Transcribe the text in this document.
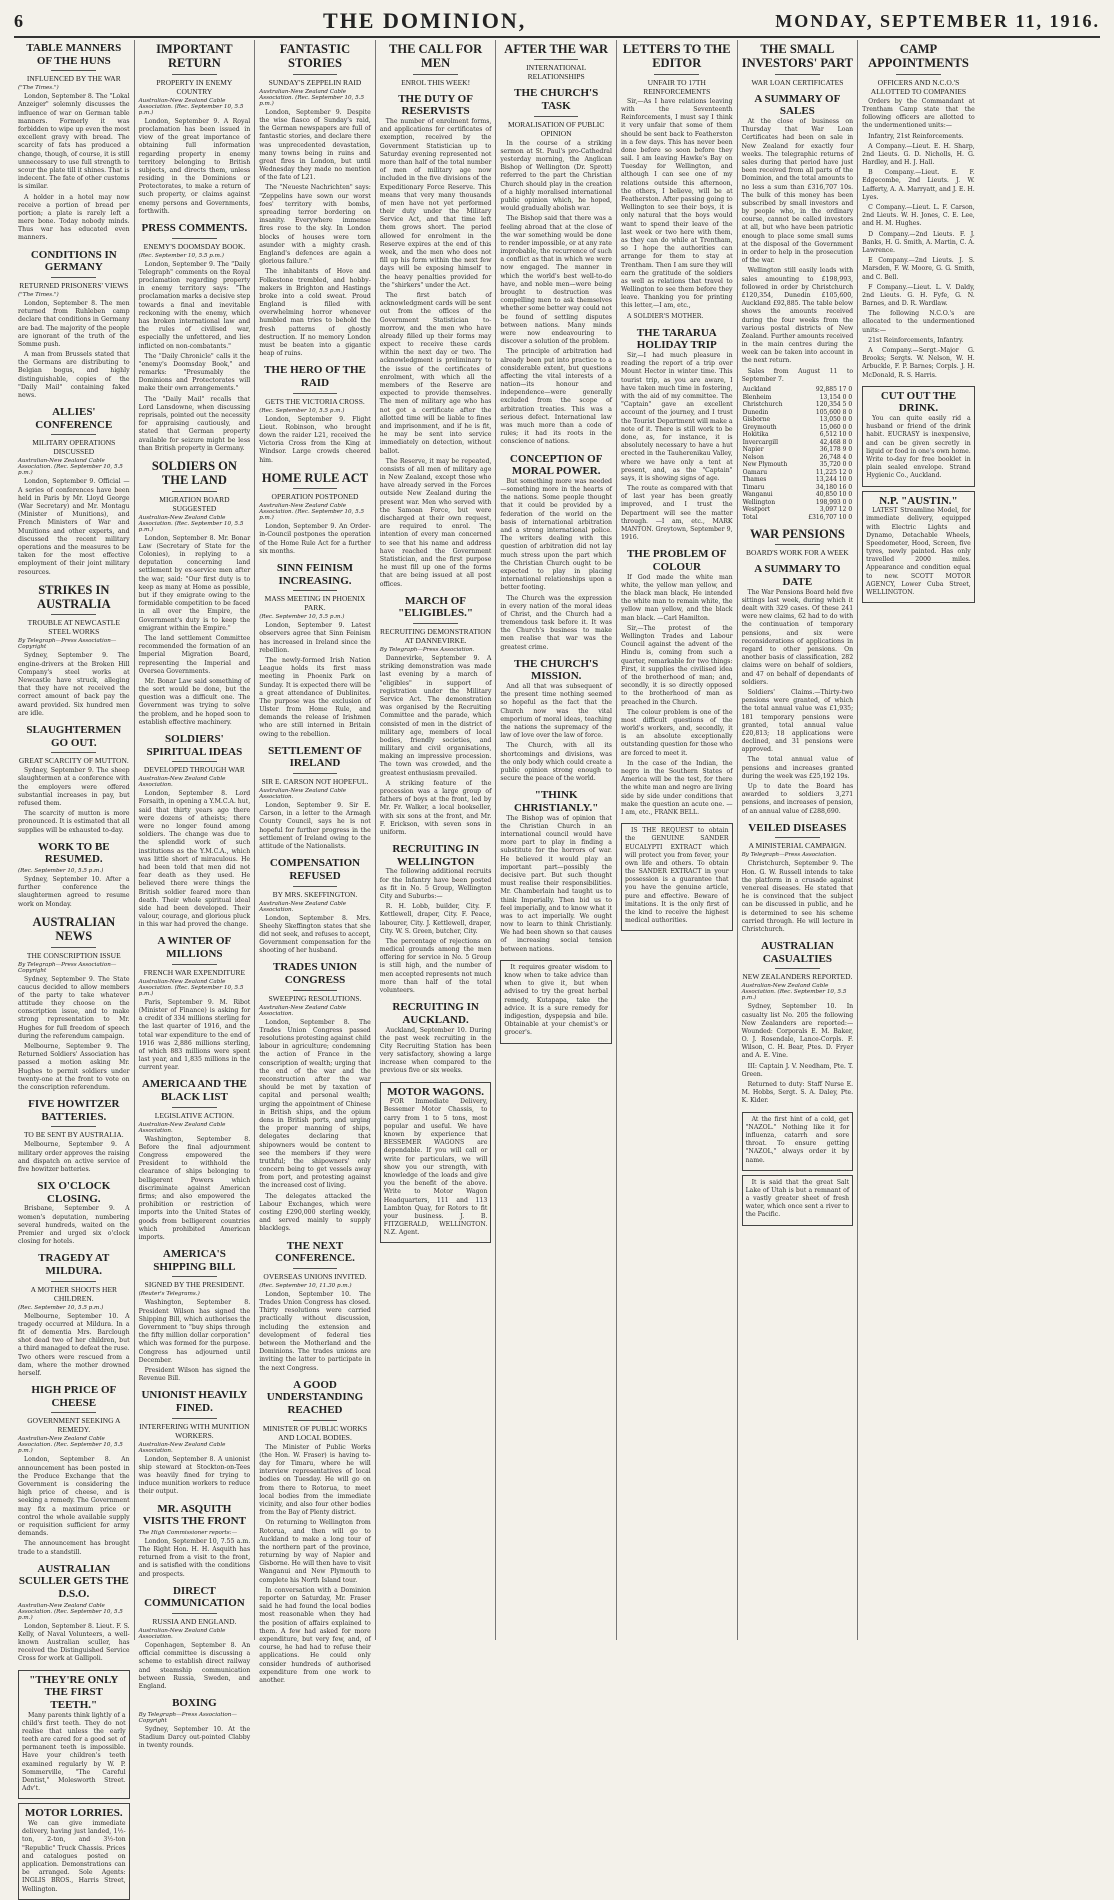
6	THE DOMINION,	MONDAY, SEPTEMBER 11, 1916.
TABLE MANNERS OF THE HUNS
INFLUENCED BY THE WAR
("The Times.")

London, September 8. The "Lokal Anzeiger" solemnly discusses the influence of war on German table manners. Formerly it was forbidden to wipe up even the most excellent gravy with bread. The scarcity of fats has produced a change, though, of course, it is still unnecessary to use full strength to scour the plate till it shines. That is indecent. The fate of other customs is similar.

A holder in a hotel may now receive a portion of bread per portion; a plate is rarely left a mere bone. Today nobody minds. Thus war has educated even manners.

CONDITIONS IN GERMANY
RETURNED PRISONERS' VIEWS
("The Times.")

London, September 8. The men returned from Ruhleben camp declare that conditions in Germany are bad. The majority of the people are ignorant of the truth of the Somme push.

A man from Brussels stated that the Germans are distributing to Belgian bogus, and highly distinguishable, copies of the "Daily Mail" containing faked news.

ALLIES' CONFERENCE
MILITARY OPERATIONS DISCUSSED
Australian-New Zealand Cable Association. (Rec. September 10, 5.5 p.m.)

London, September 9. Official — A series of conferences have been held in Paris by Mr. Lloyd George (War Secretary) and Mr. Montagu (Minister of Munitions), and French Ministers of War and Munitions and other experts, and discussed the recent military operations and the measures to be taken for the most effective employment of their joint military resources.

STRIKES IN AUSTRALIA
TROUBLE AT NEWCASTLE STEEL WORKS
By Telegraph—Press Association—Copyright

Sydney, September 9. The engine-drivers at the Broken Hill Company's steel works at Newcastle have struck, alleging that they have not received the correct amount of back pay the award provided. Six hundred men are idle.

SLAUGHTERMEN GO OUT.
GREAT SCARCITY OF MUTTON.

Sydney, September 9. The sheep slaughtermen at a conference with the employers were offered substantial increases in pay, but refused them.

The scarcity of mutton is more pronounced. It is estimated that all supplies will be exhausted to-day.

WORK TO BE RESUMED.
(Rec. September 10, 5.5 p.m.)

Sydney, September 10. After a further conference the slaughtermen agreed to resume work on Monday.

AUSTRALIAN NEWS
THE CONSCRIPTION ISSUE
By Telegraph—Press Association—Copyright

Sydney, September 9. The State caucus decided to allow members of the party to take whatever attitude they choose on the conscription issue, and to make strong representation to Mr. Hughes for full freedom of speech during the referendum campaign.

Melbourne, September 9. The Returned Soldiers' Association has passed a motion asking Mr. Hughes to permit soldiers under twenty-one at the front to vote on the conscription referendum.

FIVE HOWITZER BATTERIES.
TO BE SENT BY AUSTRALIA.

Melbourne, September 9. A military order approves the raising and dispatch on active service of five howitzer batteries.

SIX O'CLOCK CLOSING.

Brisbane, September 9. A women's deputation, numbering several hundreds, waited on the Premier and urged six o'clock closing for hotels.

TRAGEDY AT MILDURA.
A MOTHER SHOOTS HER CHILDREN.
(Rec. September 10, 5.5 p.m.)

Melbourne, September 10. A tragedy occurred at Mildura. In a fit of dementia Mrs. Barclough shot dead two of her children, but a third managed to defeat the ruse. Two others were rescued from a dam, where the mother drowned herself.

HIGH PRICE OF CHEESE
GOVERNMENT SEEKING A REMEDY.
Australian-New Zealand Cable Association. (Rec. September 10, 5.5 p.m.)

London, September 8. An announcement has been posted in the Produce Exchange that the Government is considering the high price of cheese, and is seeking a remedy. The Government may fix a maximum price or control the whole available supply or requisition sufficient for army demands.

The announcement has brought trade to a standstill.

AUSTRALIAN SCULLER GETS THE D.S.O.
Australian-New Zealand Cable Association. (Rec. September 10, 5.5 p.m.)

London, September 8. Lieut. F. S. Kelly, of Naval Volunteers, a well-known Australian sculler, has received the Distinguished Service Cross for work at Gallipoli.

"THEY'RE ONLY THE FIRST TEETH."

Many parents think lightly of a child's first teeth. They do not realise that unless the early teeth are cared for a good set of permanent teeth is impossible. Have your children's teeth examined regularly by W. P. Sommerville, "The Careful Dentist," Molesworth Street. Adv't.

MOTOR LORRIES.

We can give immediate delivery, having just landed, 1½-ton, 2-ton, and 3½-ton "Republic" Truck Chassis. Prices and catalogues posted on application. Demonstrations can be arranged. Sole Agents: INGLIS BROS., Harris Street, Wellington.

IMPORTANT RETURN
PROPERTY IN ENEMY COUNTRY
Australian-New Zealand Cable Association. (Rec. September 10, 5.5 p.m.)

London, September 9. A Royal proclamation has been issued in view of the great importance of obtaining full information regarding property in enemy territory belonging to British subjects, and directs them, unless residing in the Dominions or Protectorates, to make a return of such property, or claims against enemy persons and Governments, forthwith.

PRESS COMMENTS.
ENEMY'S DOOMSDAY BOOK.
(Rec. September 10, 5.5 p.m.)

London, September 9. The "Daily Telegraph" comments on the Royal proclamation regarding property in enemy territory says: "The proclamation marks a decisive step towards a final and inevitable reckoning with the enemy, which has broken international law and the rules of civilised war, especially the unfettered, and lies inflicted on non-combatants."

The "Daily Chronicle" calls it the "enemy's Doomsday Book," and remarks: "Presumably the Dominions and Protectorates will make their own arrangements."

The "Daily Mail" recalls that Lord Lansdowne, when discussing reprisals, pointed out the necessity for appraising cautiously, and stated that German property available for seizure might be less than British property in Germany.

SOLDIERS ON THE LAND
MIGRATION BOARD SUGGESTED
Australian-New Zealand Cable Association. (Rec. September 10, 5.5 p.m.)

London, September 8. Mr. Bonar Law (Secretary of State for the Colonies), in replying to a deputation concerning land settlement by ex-service men after the war, said: "Our first duty is to keep as many at Home as possible, but if they emigrate owing to the formidable competition to be faced in all over the Empire, the Government's duty is to keep the emigrant within the Empire."

The land settlement Committee recommended the formation of an Imperial Migration Board, representing the Imperial and Oversea Governments.

Mr. Bonar Law said something of the sort would be done, but the question was a difficult one. The Government was trying to solve the problem, and he hoped soon to establish effective machinery.

SOLDIERS' SPIRITUAL IDEAS
DEVELOPED THROUGH WAR
Australian-New Zealand Cable Association.

London, September 8. Lord Forsaith, in opening a Y.M.C.A. hut, said that thirty years ago there were dozens of atheists; there were no longer found among soldiers. The change was due to the splendid work of such institutions as the Y.M.C.A., which was little short of miraculous. He had been told that men did not fear death as they used. He believed there were things the British soldier feared more than death. Their whole spiritual ideal side had been developed. Their valour, courage, and glorious pluck in this war had proved the change.

A WINTER OF MILLIONS
FRENCH WAR EXPENDITURE
Australian-New Zealand Cable Association. (Rec. September 10, 5.5 p.m.)

Paris, September 9. M. Ribot (Minister of Finance) is asking for a credit of 334 millions sterling for the last quarter of 1916, and the total war expenditure to the end of 1916 was 2,886 millions sterling, of which 883 millions were spent last year, and 1,835 millions in the current year.

AMERICA AND THE BLACK LIST
LEGISLATIVE ACTION.
Australian-New Zealand Cable Association.

Washington, September 8. Before the final adjournment Congress empowered the President to withhold the clearance of ships belonging to belligerent Powers which discriminate against American firms; and also empowered the prohibition or restriction of imports into the United States of goods from belligerent countries which prohibited American imports.

AMERICA'S SHIPPING BILL
SIGNED BY THE PRESIDENT.
(Reuter's Telegrams.)

Washington, September 8. President Wilson has signed the Shipping Bill, which authorises the Government to "buy ships through the fifty million dollar corporation" which was formed for the purpose. Congress has adjourned until December.

President Wilson has signed the Revenue Bill.

UNIONIST HEAVILY FINED.
INTERFERING WITH MUNITION WORKERS.
Australian-New Zealand Cable Association.

London, September 8. A unionist ship steward at Stockton-on-Tees was heavily fined for trying to induce munition workers to reduce their output.

MR. ASQUITH VISITS THE FRONT
The High Commissioner reports:—

London, September 10, 7.55 a.m. The Right Hon. H. H. Asquith has returned from a visit to the front, and is satisfied with the conditions and prospects.

DIRECT COMMUNICATION
RUSSIA AND ENGLAND.
Australian-New Zealand Cable Association.

Copenhagen, September 8. An official committee is discussing a scheme to establish direct railway and steamship communication between Russia, Sweden, and England.

BOXING
By Telegraph—Press Association—Copyright

Sydney, September 10. At the Stadium Darcy out-pointed Clabby in twenty rounds.

FANTASTIC STORIES
SUNDAY'S ZEPPELIN RAID
Australian-New Zealand Cable Association. (Rec. September 10, 5.5 p.m.)

London, September 9. Despite the wise fiasco of Sunday's raid, the German newspapers are full of fantastic stories, and declare there was unprecedented devastation, many towns being in ruins and great fires in London, but until Wednesday they made no mention of the fate of L21.

The "Neueste Nachrichten" says: "Zeppelins have sown our worst foes' territory with bombs, spreading terror bordering on insanity. Everywhere immense fires rose to the sky. In London blocks of houses were torn asunder with a mighty crash. England's defences are again a glorious failure."

The inhabitants of Hove and Folkestone trembled, and hobby-makers in Brighton and Hastings broke into a cold sweat. Proud England is filled with overwhelming horror whenever humbled man tries to behold the fresh patterns of ghostly destruction. If no memory London must be beaten into a gigantic heap of ruins.

THE HERO OF THE RAID
GETS THE VICTORIA CROSS.
(Rec. September 10, 5.5 p.m.)

London, September 9. Flight Lieut. Robinson, who brought down the raider L21, received the Victoria Cross from the King at Windsor. Large crowds cheered him.

HOME RULE ACT
OPERATION POSTPONED
Australian-New Zealand Cable Association. (Rec. September 10, 5.5 p.m.)

London, September 9. An Order-in-Council postpones the operation of the Home Rule Act for a further six months.

SINN FEINISM INCREASING.
MASS MEETING IN PHOENIX PARK.
(Rec. September 10, 5.5 p.m.)

London, September 9. Latest observers agree that Sinn Feinism has increased in Ireland since the rebellion.

The newly-formed Irish Nation League holds its first mass meeting in Phoenix Park on Sunday. It is expected there will be a great attendance of Dublinites. The purpose was the exclusion of Ulster from Home Rule, and demands the release of Irishmen who are still interned in Britain owing to the rebellion.

SETTLEMENT OF IRELAND
SIR E. CARSON NOT HOPEFUL.
Australian-New Zealand Cable Association.

London, September 9. Sir E. Carson, in a letter to the Armagh County Council, says he is not hopeful for further progress in the settlement of Ireland owing to the attitude of the Nationalists.

COMPENSATION REFUSED
BY MRS. SKEFFINGTON.
Australian-New Zealand Cable Association.

London, September 8. Mrs. Sheehy Skeffington states that she did not seek, and refuses to accept, Government compensation for the shooting of her husband.

TRADES UNION CONGRESS
SWEEPING RESOLUTIONS.
Australian-New Zealand Cable Association.

London, September 8. The Trades Union Congress passed resolutions protesting against child labour in agriculture; condemning the action of France in the conscription of wealth; urging that the end of the war and the reconstruction after the war should be met by taxation of capital and personal wealth; urging the appointment of Chinese in British ships, and the opium dens in British ports, and urging the proper manning of ships, delegates declaring that shipowners would be content to see the members if they were truthful; the shipowners' only concern being to get vessels away from port, and protesting against the increased cost of living.

The delegates attacked the Labour Exchanges, which were costing £290,000 sterling weekly, and served mainly to supply blacklegs.

THE NEXT CONFERENCE.
OVERSEAS UNIONS INVITED.
(Rec. September 10, 11.30 p.m.)

London, September 10. The Trades Union Congress has closed. Thirty resolutions were carried practically without discussion, including the extension and development of federal ties between the Motherland and the Dominions. The trades unions are inviting the latter to participate in the next Congress.

A GOOD UNDERSTANDING REACHED
MINISTER OF PUBLIC WORKS AND LOCAL BODIES.

The Minister of Public Works (the Hon. W. Fraser) is having to-day for Timaru, where he will interview representatives of local bodies on Tuesday. He will go on from there to Rotorua, to meet local bodies from the immediate vicinity, and also four other bodies from the Bay of Plenty district.

On returning to Wellington from Rotorua, and then will go to Auckland to make a long tour of the northern part of the province, returning by way of Napier and Gisborne. He will then have to visit Wanganui and New Plymouth to complete his North Island tour.

In conversation with a Dominion reporter on Saturday, Mr. Fraser said he had found the local bodies most reasonable when they had the position of affairs explained to them. A few had asked for more expenditure, but very few, and, of course, he had had to refuse their applications. He could only consider hundreds of authorised expenditure from one work to another.

THE CALL FOR MEN
ENROL THIS WEEK!
THE DUTY OF RESERVISTS

The number of enrolment forms, and applications for certificates of exemption, received by the Government Statistician up to Saturday evening represented not more than half of the total number of men of military age now included in the five divisions of the Expeditionary Force Reserve. This means that very many thousands of men have not yet performed their duty under the Military Service Act, and that time left them grows short. The period allowed for enrolment in the Reserve expires at the end of this week, and the men who does not fill up his form within the next few days will be exposing himself to the heavy penalties provided for the "shirkers" under the Act.

The first batch of acknowledgment cards will be sent out from the offices of the Government Statistician to-morrow, and the men who have already filled up their forms may expect to receive these cards within the next day or two. The acknowledgment is preliminary to the issue of the certificates of enrolment, with which all the members of the Reserve are expected to provide themselves. The men of military age who has not got a certificate after the allotted time will be liable to fines and imprisonment, and if he is fit, he may be sent into service immediately on detection, without ballot.

The Reserve, it may be repeated, consists of all men of military age in New Zealand, except those who have already served in the Forces outside New Zealand during the present war. Men who served with the Samoan Force, but were discharged at their own request, are required to enrol. The intention of every man concerned to see that his name and address have reached the Government Statistician, and the first purpose he must fill up one of the forms that are being issued at all post offices.

MARCH OF "ELIGIBLES."
RECRUITING DEMONSTRATION AT DANNEVIRKE.
By Telegraph—Press Association.

Dannevirke, September 9. A striking demonstration was made last evening by a march of "eligibles" in support of registration under the Military Service Act. The demonstration was organised by the Recruiting Committee and the parade, which consisted of men in the district of military age, members of local bodies, friendly societies, and military and civil organisations, making an impressive procession. The town was crowded, and the greatest enthusiasm prevailed.

A striking feature of the procession was a large group of fathers of boys at the front, led by Mr. Fr. Walker, a local bookseller, with six sons at the front, and Mr. F. Erickson, with seven sons in uniform.

RECRUITING IN WELLINGTON

The following additional recruits for the Infantry have been posted as fit in No. 5 Group, Wellington City and Suburbs:—

R. H. Lobb, builder, City. F. Kettlewell, draper, City. F. Peace, labourer, City. J. Kettlewell, draper, City. W. S. Green, butcher, City.

The percentage of rejections on medical grounds among the men offering for service in No. 5 Group is still high, and the number of men accepted represents not much more than half of the total volunteers.

RECRUITING IN AUCKLAND.

Auckland, September 10. During the past week recruiting in the City Recruiting Station has been very satisfactory, showing a large increase when compared to the previous five or six weeks.

MOTOR WAGONS.

FOR Immediate Delivery, Bessemer Motor Chassis, to carry from 1 to 5 tons, most popular and useful. We have known by experience that BESSEMER WAGONS are dependable. If you will call or write for particulars, we will show you our strength, with knowledge of the loads and give you the benefit of the above. Write to Motor Wagon Headquarters, 111 and 113 Lambton Quay, for Rotors to fit your business. J. B. FITZGERALD, WELLINGTON. N.Z. Agent.

AFTER THE WAR
INTERNATIONAL RELATIONSHIPS
THE CHURCH'S TASK
MORALISATION OF PUBLIC OPINION

In the course of a striking sermon at St. Paul's pro-Cathedral yesterday morning, the Anglican Bishop of Wellington (Dr. Sprott) referred to the part the Christian Church should play in the creation of a highly moralised international public opinion which, he hoped, would gradually abolish war.

The Bishop said that there was a feeling abroad that at the close of the war something would be done to render impossible, or at any rate improbable, the recurrence of such a conflict as that in which we were now engaged. The manner in which the world's best well-to-do have, and noble men—were being brought to destruction was compelling men to ask themselves whether some better way could not be found of settling disputes between nations. Many minds were now endeavouring to discover a solution of the problem.

The principle of arbitration had already been put into practice to a considerable extent, but questions affecting the vital interests of a nation—its honour and independence—were generally excluded from the scope of arbitration treaties. This was a serious defect. International law was much more than a code of rules; it had its roots in the conscience of nations.

CONCEPTION OF MORAL POWER.

But something more was needed—something more in the hearts of the nations. Some people thought that it could be provided by a federation of the world on the basis of international arbitration and a strong international police. The writers dealing with this question of arbitration did not lay much stress upon the part which the Christian Church ought to be expected to play in placing international relationships upon a better footing.

The Church was the expression in every nation of the moral ideas of Christ, and the Church had a tremendous task before it. It was the Church's business to make men realise that war was the greatest crime.

THE CHURCH'S MISSION.

And all that was subsequent of the present time nothing seemed so hopeful as the fact that the Church now was the vital emporium of moral ideas, teaching the nations the supremacy of the law of love over the law of force.

The Church, with all its shortcomings and divisions, was the only body which could create a public opinion strong enough to secure the peace of the world.

"THINK CHRISTIANLY."

The Bishop was of opinion that the Christian Church in an international council would have more part to play in finding a substitute for the horrors of war. He believed it would play an important part—possibly the decisive part. But such thought must realise their responsibilities. Mr. Chamberlain had taught us to think Imperially. Then bid us to feel imperially, and to know what it was to act imperially. We ought now to learn to think Christianly. We had been shown so that causes of increasing social tension between nations.

It requires greater wisdom to know when to take advice than when to give it, but when advised to try the great herbal remedy, Kutapapa, take the advice. It is a sure remedy for indigestion, dyspepsia and bile. Obtainable at your chemist's or grocer's.

LETTERS TO THE EDITOR
UNFAIR TO 17TH REINFORCEMENTS

Sir,—As I have relations leaving with the Seventeenth Reinforcements, I must say I think it very unfair that some of them should be sent back to Featherston in a few days. This has never been done before so soon before they sail. I am leaving Hawke's Bay on Tuesday for Wellington, and although I can see one of my relations outside this afternoon, the others, I believe, will be at Featherston. After passing going to Wellington to see their boys, it is only natural that the boys would want to spend their leave of the last week or two here with them, as they can do while at Trentham, so I hope the authorities can arrange for them to stay at Trentham. Then I am sure they will earn the gratitude of the soldiers as well as relations that travel to Wellington to see them before they leave. Thanking you for printing this letter,—I am, etc.,

A SOLDIER'S MOTHER.

THE TARARUA HOLIDAY TRIP

Sir,—I had much pleasure in reading the report of a trip over Mount Hector in winter time. This tourist trip, as you are aware, I have taken much time in fostering, with the aid of my committee. The "Captain" gave an excellent account of the journey, and I trust the Tourist Department will make a note of it. There is still work to be done, as, for instance, it is absolutely necessary to have a hut erected in the Tauherenikau Valley, where we have only a tent at present, and, as the "Captain" says, it is showing signs of age.

The route as compared with that of last year has been greatly improved, and I trust the Department will see the matter through. —I am, etc., MARK MANTON. Greytown, September 9, 1916.

THE PROBLEM OF COLOUR

If God made the white man white, the yellow man yellow, and the black man black, He intended the white man to remain white, the yellow man yellow, and the black man black. —Carl Hamilton.

Sir,—The protest of the Wellington Trades and Labour Council against the advent of the Hindu is, coming from such a quarter, remarkable for two things: First, it supplies the civilised idea of the brotherhood of man; and, secondly, it is so directly opposed to the brotherhood of man as preached in the Church.

The colour problem is one of the most difficult questions of the world's workers, and, secondly, it is an absolute exceptionally outstanding question for those who are forced to meet it.

In the case of the Indian, the negro in the Southern States of America will be the test, for there the white man and negro are living side by side under conditions that make the question an acute one. —I am, etc., FRANK BELL.

IS THE REQUEST to obtain the GENUINE SANDER EUCALYPTI EXTRACT which will protect you from fever, your own life and others. To obtain the SANDER EXTRACT in your possession is a guarantee that you have the genuine article, pure and effective. Beware of imitations. It is the only first of the kind to receive the highest medical authorities.

THE SMALL INVESTORS' PART
WAR LOAN CERTIFICATES
A SUMMARY OF SALES

At the close of business on Thursday that War Loan Certificates had been on sale in New Zealand for exactly four weeks. The telegraphic returns of sales during that period have just been received from all parts of the Dominion, and the total amounts to no less a sum than £316,707 10s. The bulk of this money has been subscribed by small investors and by people who, in the ordinary course, cannot be called investors at all, but who have been patriotic enough to place some small sums at the disposal of the Government in order to help in the prosecution of the war.

Wellington still easily leads with sales amounting to £198,993, followed in order by Christchurch £120,354, Dunedin £105,600, Auckland £92,885. The table below shows the amounts received during the four weeks from the various postal districts of New Zealand. Further amounts received in the main centres during the week can be taken into account in the next return.

Sales from August 11 to September 7.

Auckland	92,885 17 0
Blenheim	13,154 0 0
Christchurch	120,354 5 0
Dunedin	105,600 8 0
Gisborne	13,050 0 0
Greymouth	15,060 0 0
Hokitika	6,512 10 0
Invercargill	42,468 8 0
Napier	36,178 9 0
Nelson	26,748 4 0
New Plymouth	35,720 0 0
Oamaru	11,225 12 0
Thames	13,244 10 0
Timaru	34,180 16 0
Wanganui	40,850 10 0
Wellington	198,993 0 0
Westport	3,097 12 0
Total	£316,707 10 0
WAR PENSIONS
BOARD'S WORK FOR A WEEK
A SUMMARY TO DATE

The War Pensions Board held five sittings last week, during which it dealt with 329 cases. Of these 241 were new claims, 62 had to do with the continuation of temporary pensions, and six were reconsiderations of applications in regard to other pensions. On another basis of classification, 282 claims were on behalf of soldiers, and 47 on behalf of dependants of soldiers.

Soldiers' Claims.—Thirty-two pensions were granted, of which the total annual value was £1,935; 181 temporary pensions were granted, total annual value £20,813; 18 applications were declined, and 31 pensions were approved.

The total annual value of pensions and increases granted during the week was £25,192 19s.

Up to date the Board has awarded to soldiers 3,271 pensions, and increases of pension, of an annual value of £288,690.

VEILED DISEASES
A MINISTERIAL CAMPAIGN.
By Telegraph—Press Association.

Christchurch, September 9. The Hon. G. W. Russell intends to take the platform in a crusade against venereal diseases. He stated that he is convinced that the subject can be discussed in public, and he is determined to see his scheme carried through. He will lecture in Christchurch.

AUSTRALIAN CASUALTIES
NEW ZEALANDERS REPORTED.
Australian-New Zealand Cable Association. (Rec. September 10, 5.5 p.m.)

Sydney, September 10. In casualty list No. 205 the following New Zealanders are reported:— Wounded: Corporals E. M. Baker, O. J. Rosendale, Lance-Corpls. F. Wilson, C. H. Bear, Ptes. D. Fryer and A. E. Vine.

III: Captain J. V. Needham, Pte. T. Green.

Returned to duty: Staff Nurse E. M. Hobbs, Sergt. S. A. Daley, Pte. K. Kider.

At the first hint of a cold, get "NAZOL." Nothing like it for influenza, catarrh and sore throat. To ensure getting "NAZOL," always order it by name.

It is said that the great Salt Lake of Utah is but a remnant of a vastly greater sheet of fresh water, which once sent a river to the Pacific.

CAMP APPOINTMENTS
OFFICERS AND N.C.O.'S ALLOTTED TO COMPANIES

Orders by the Commandant at Trentham Camp state that the following officers are allotted to the undermentioned units:—

Infantry, 21st Reinforcements.

A Company.—Lieut. E. H. Sharp, 2nd Lieuts. G. D. Nicholls, H. G. Hardley, and H. J. Hall.

B Company.—Lieut. E. F. Edgecombe, 2nd Lieuts. J. W. Lafferty, A. A. Marryatt, and J. E. H. Lyes.

C Company.—Lieut. L. F. Carson, 2nd Lieuts. W. H. Jones, C. E. Lee, and H. M. Hughes.

D Company.—2nd Lieuts. F. J. Banks, H. G. Smith, A. Martin, C. A. Lawrence.

E Company.—2nd Lieuts. J. S. Marsden, F. W. Moore, G. G. Smith, and C. Bell.

F Company.—Lieut. L. V. Daldy, 2nd Lieuts. G. H. Fyfe, G. N. Barnes, and D. R. Wardlaw.

The following N.C.O.'s are allocated to the undermentioned units:—

21st Reinforcements, Infantry.

A Company.—Sergt.-Major G. Brooks; Sergts. W. Nelson, W. H. Arbuckle, F. P. Barnes; Corpls. J. H. McDonald, R. S. Harris.

CUT OUT THE DRINK.

You can quite easily rid a husband or friend of the drink habit. EUCRASY is inexpensive, and can be given secretly in liquid or food in one's own home. Write to-day for free booklet in plain sealed envelope. Strand Hygienic Co., Auckland.

N.P. "AUSTIN."

LATEST Streamline Model, for immediate delivery, equipped with Electric Lights and Dynamo, Detachable Wheels, Speedometer, Hood, Screen, five tyres, newly painted. Has only travelled 2000 miles. Appearance and condition equal to new. SCOTT MOTOR AGENCY, Lower Cuba Street, WELLINGTON.
